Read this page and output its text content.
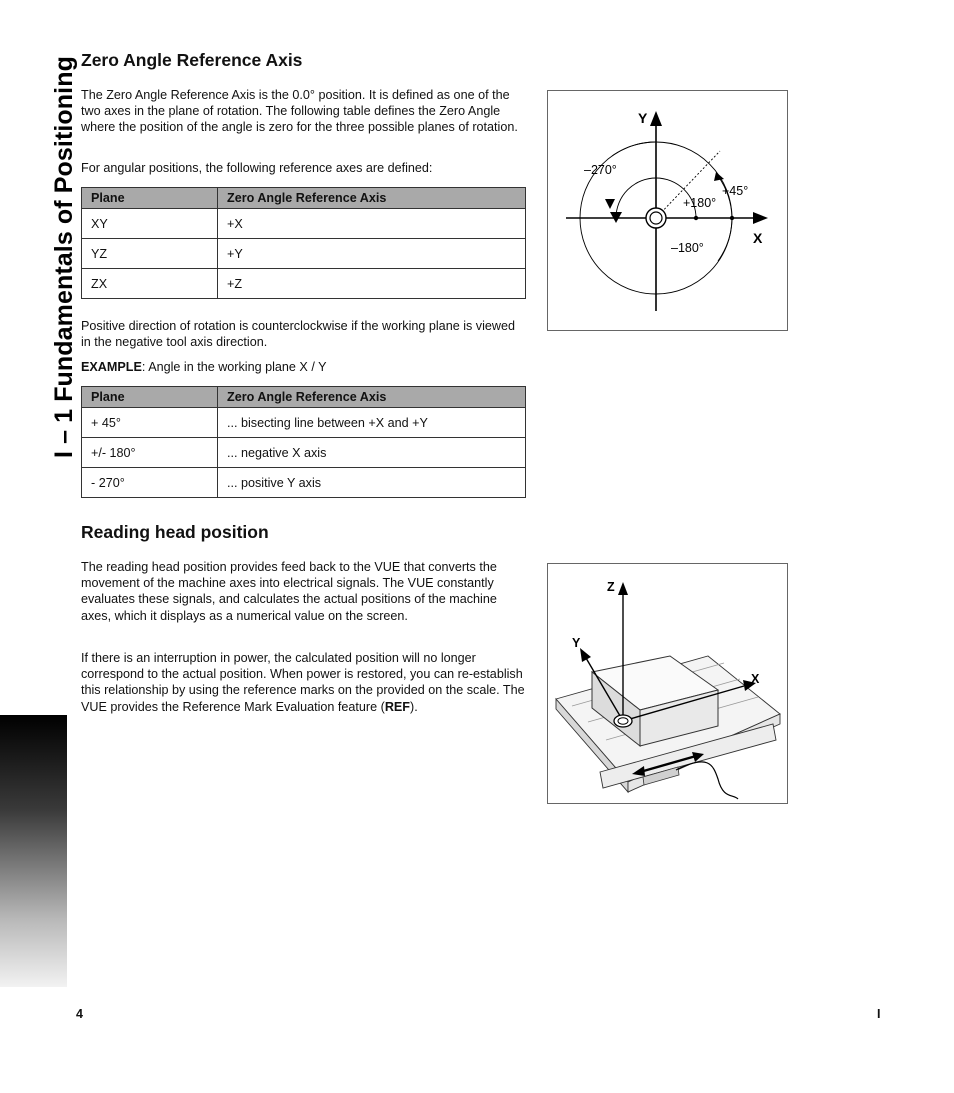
I – 1 Fundamentals of Positioning Zero Angle Reference Axis

The Zero Angle Reference Axis is the 0.0° position. It is defined as one of the two axes in the plane of rotation. The following table defines the Zero Angle where the position of the angle is zero for the three possible planes of rotation.

For angular positions, the following reference axes are defined:

Plane	Zero Angle Reference Axis
XY	+X
YZ	+Y
ZX	+Z

Positive direction of rotation is counterclockwise if the working plane is viewed in the negative tool axis direction.

EXAMPLE: Angle in the working plane X / Y

Plane	Zero Angle Reference Axis
+ 45°	... bisecting line between +X and +Y
+/- 180°	... negative X axis
- 270°	... positive Y axis
Reading head position

The reading head position provides feed back to the VUE that converts the movement of the machine axes into electrical signals. The VUE constantly evaluates these signals, and calculates the actual positions of the machine axes, which it displays as a numerical value on the screen.

If there is an interruption in power, the calculated position will no longer correspond to the actual position. When power is restored, you can re-establish this relationship by using the reference marks on the provided on the scale. The VUE provides the Reference Mark Evaluation feature (REF).

Y
X
–270°
+45°
+180°
–180°
Z
Y
X
4	I
